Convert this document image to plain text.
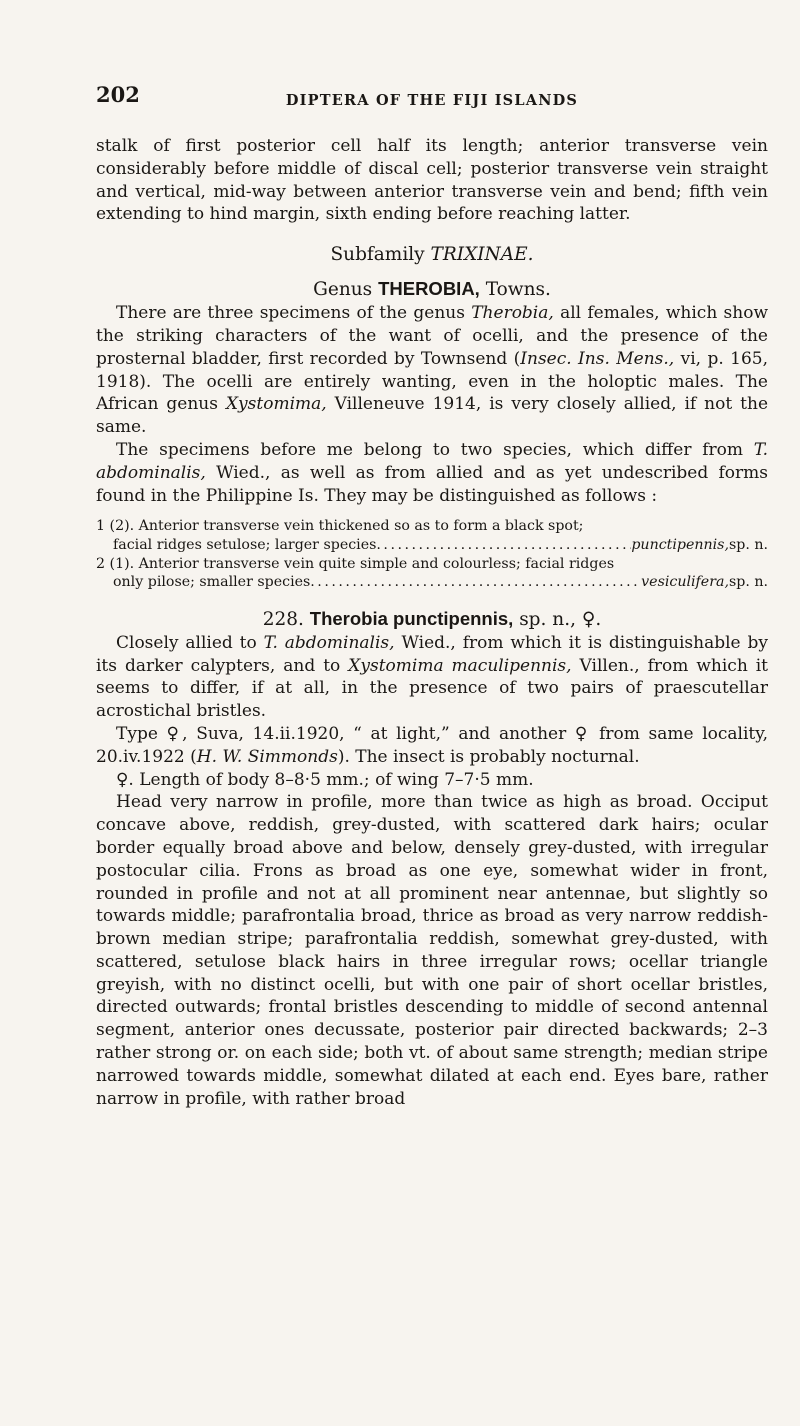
202	DIPTERA OF THE FIJI ISLANDS

stalk of first posterior cell half its length; anterior transverse vein considerably before middle of discal cell; posterior transverse vein straight and vertical, mid-way between anterior transverse vein and bend; fifth vein extending to hind margin, sixth ending before reaching latter.

Subfamily TRIXINAE.
Genus THEROBIA, Towns.

There are three specimens of the genus Therobia, all females, which show the striking characters of the want of ocelli, and the presence of the prosternal bladder, first recorded by Townsend (Insec. Ins. Mens., vi, p. 165, 1918). The ocelli are entirely wanting, even in the holoptic males. The African genus Xystomima, Villeneuve 1914, is very closely allied, if not the same.

The specimens before me belong to two species, which differ from T. abdominalis, Wied., as well as from allied and as yet undescribed forms found in the Philippine Is. They may be distinguished as follows :

1 (2).
Anterior transverse vein thickened so as to form a black spot;
facial ridges setulose; larger species . . .	punctipennis, sp. n.
2 (1).
Anterior transverse vein quite simple and colourless; facial ridges
only pilose; smaller species . . .	vesiculifera, sp. n.
228. Therobia punctipennis, sp. n., ♀.

Closely allied to T. abdominalis, Wied., from which it is distinguishable by its darker calypters, and to Xystomima maculipennis, Villen., from which it seems to differ, if at all, in the presence of two pairs of praescutellar acrostichal bristles.

Type ♀, Suva, 14.ii.1920, “ at light,” and another ♀ from same locality, 20.iv.1922 (H. W. Simmonds). The insect is probably nocturnal.

♀. Length of body 8–8·5 mm.; of wing 7–7·5 mm.

Head very narrow in profile, more than twice as high as broad. Occiput concave above, reddish, grey-dusted, with scattered dark hairs; ocular border equally broad above and below, densely grey-dusted, with irregular postocular cilia. Frons as broad as one eye, somewhat wider in front, rounded in profile and not at all prominent near antennae, but slightly so towards middle; parafrontalia broad, thrice as broad as very narrow reddish-brown median stripe; parafrontalia reddish, somewhat grey-dusted, with scattered, setulose black hairs in three irregular rows; ocellar triangle greyish, with no distinct ocelli, but with one pair of short ocellar bristles, directed outwards; frontal bristles descending to middle of second antennal segment, anterior ones decussate, posterior pair directed backwards; 2–3 rather strong or. on each side; both vt. of about same strength; median stripe narrowed towards middle, somewhat dilated at each end. Eyes bare, rather narrow in profile, with rather broad
